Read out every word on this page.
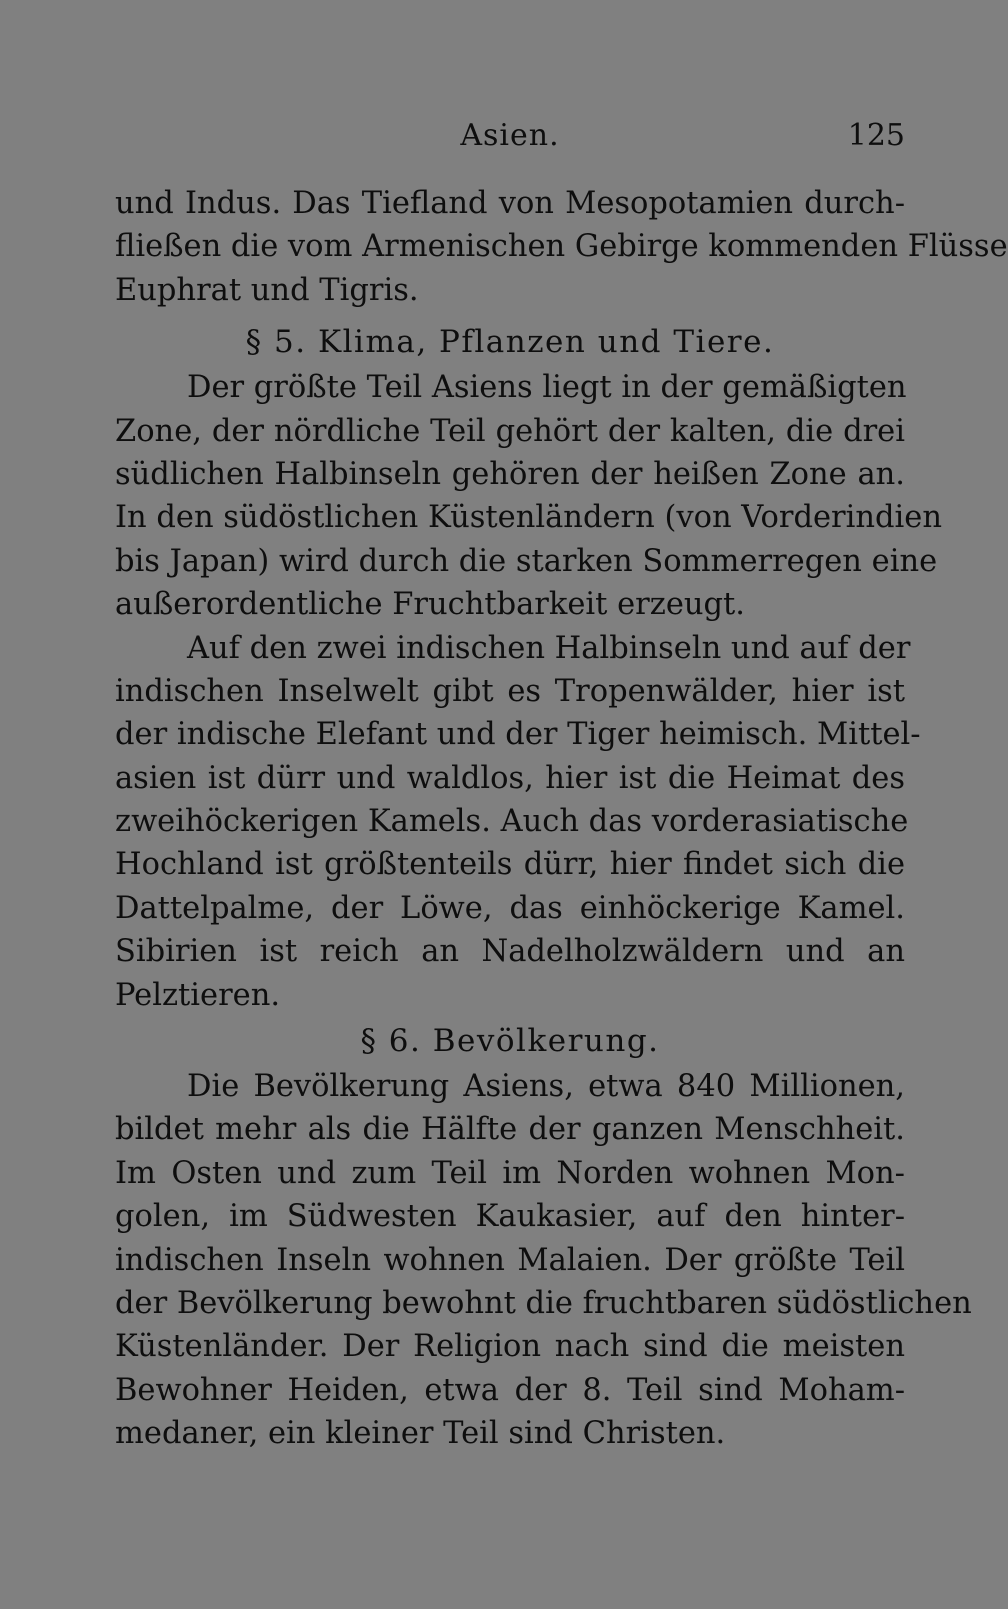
Asien.	125
und Indus. Das Tiefland von Mesopotamien durch-
fließen die vom Armenischen Gebirge kommenden Flüsse
Euphrat und Tigris.
§ 5. Klima, Pflanzen und Tiere.
Der größte Teil Asiens liegt in der gemäßigten
Zone, der nördliche Teil gehört der kalten, die drei
südlichen Halbinseln gehören der heißen Zone an.
In den südöstlichen Küstenländern (von Vorderindien
bis Japan) wird durch die starken Sommerregen eine
außerordentliche Fruchtbarkeit erzeugt.
Auf den zwei indischen Halbinseln und auf der
indischen Inselwelt gibt es Tropenwälder, hier ist
der indische Elefant und der Tiger heimisch. Mittel-
asien ist dürr und waldlos, hier ist die Heimat des
zweihöckerigen Kamels. Auch das vorderasiatische
Hochland ist größtenteils dürr, hier findet sich die
Dattelpalme, der Löwe, das einhöckerige Kamel.
Sibirien ist reich an Nadelholzwäldern und an
Pelztieren.
§ 6. Bevölkerung.
Die Bevölkerung Asiens, etwa 840 Millionen,
bildet mehr als die Hälfte der ganzen Menschheit.
Im Osten und zum Teil im Norden wohnen Mon-
golen, im Südwesten Kaukasier, auf den hinter-
indischen Inseln wohnen Malaien. Der größte Teil
der Bevölkerung bewohnt die fruchtbaren südöstlichen
Küstenländer. Der Religion nach sind die meisten
Bewohner Heiden, etwa der 8. Teil sind Moham-
medaner, ein kleiner Teil sind Christen.
